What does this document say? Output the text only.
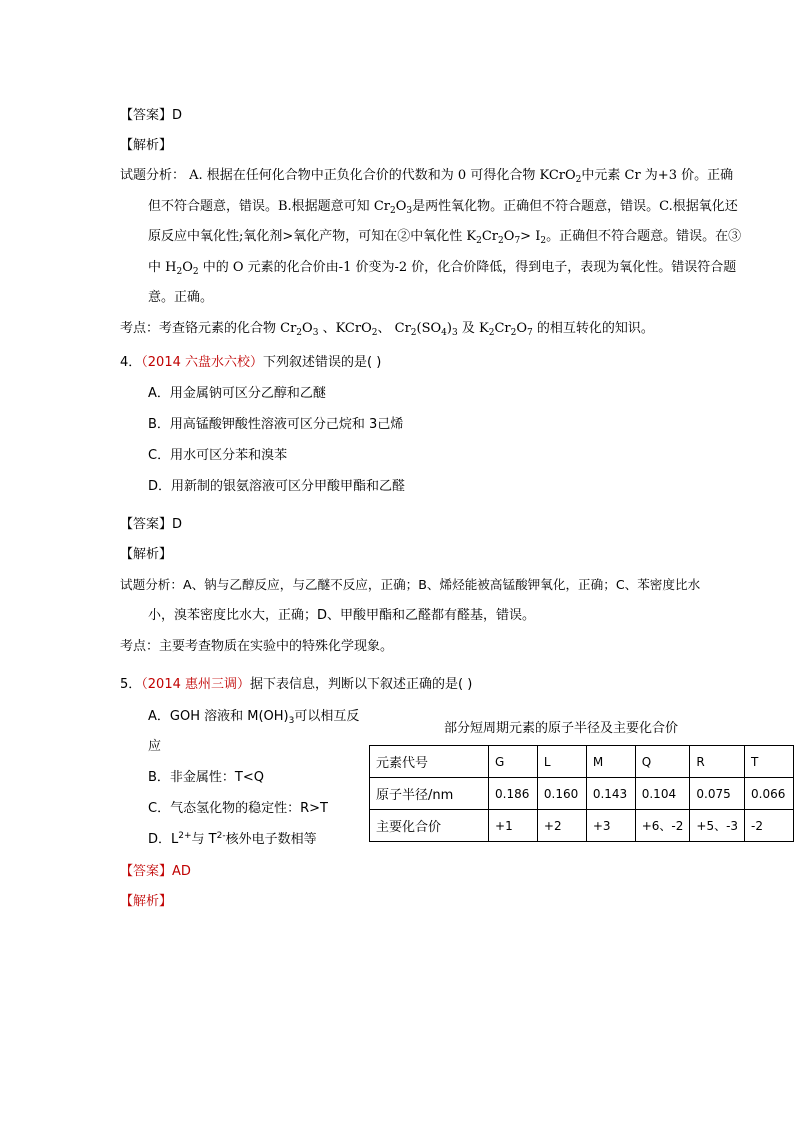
【答案】D
【解析】
试题分析： A. 根据在任何化合物中正负化合价的代数和为 0 可得化合物 KCrO$_2$中元素 Cr 为+3 价。正确
但不符合题意，错误。B.根据题意可知 $Cr_2O_3$是两性氧化物。正确但不符合题意，错误。C.根据氧化还
原反应中氧化性;氧化剂>氧化产物，可知在②中氧化性 $K_2Cr_2O_7> I_2$。正确但不符合题意。错误。在③
中 $H_2O_2$ 中的 O 元素的化合价由-1 价变为-2 价，化合价降低，得到电子，表现为氧化性。错误符合题
意。正确。
考点：考查铬元素的化合物 $Cr_2O_3$ 、KCrO$_2$、 $Cr_2(SO_4)_3$ 及 $K_2Cr_2O_7$ 的相互转化的知识。
4．（2014 六盘水六校）下列叙述错误的是( )
A．用金属钠可区分乙醇和乙醚
B．用高锰酸钾酸性溶液可区分己烷和 3己烯
C．用水可区分苯和溴苯
D．用新制的银氨溶液可区分甲酸甲酯和乙醛
【答案】D
【解析】
试题分析：A、钠与乙醇反应，与乙醚不反应，正确；B、烯烃能被高锰酸钾氧化，正确；C、苯密度比水
小，溴苯密度比水大，正确；D、甲酸甲酯和乙醛都有醛基，错误。
考点：主要考查物质在实验中的特殊化学现象。
5．（2014 惠州三调）据下表信息，判断以下叙述正确的是( )
A．GOH 溶液和 $M(OH)_3$可以相互反
应
B．非金属性：T<Q
C．气态氢化物的稳定性：R>T
D．$L^{2+}$与 $T^{2-}$核外电子数相等
部分短周期元素的原子半径及主要化合价
元素代号	G	L	M	Q	R	T
原子半径/nm	0.186	0.160	0.143	0.104	0.075	0.066
主要化合价	+1	+2	+3	+6、-2	+5、-3	-2
【答案】AD
【解析】
